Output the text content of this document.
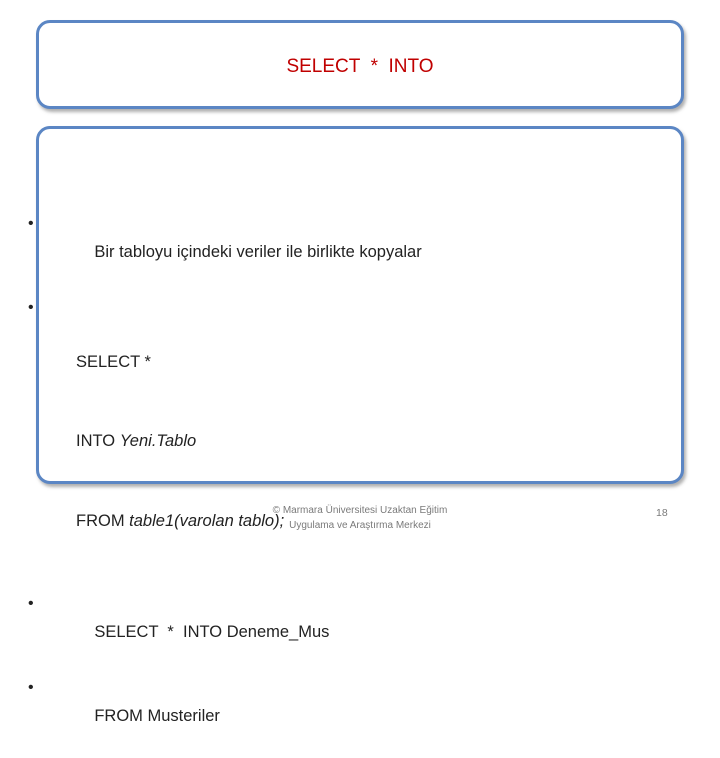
SELECT  *  INTO

• Bir tabloyu içindeki veriler ile birlikte kopyalar

• SELECT *

INTO Yeni.Tablo

FROM table1(varolan tablo);

• SELECT  *  INTO Deneme_Mus

• FROM Musteriler

© Marmara Üniversitesi Uzaktan Eğitim
Uygulama ve Araştırma Merkezi
18
